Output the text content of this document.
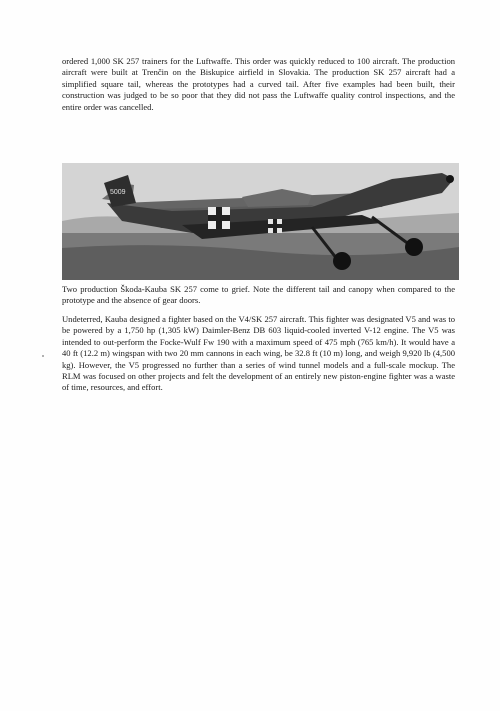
ordered 1,000 SK 257 trainers for the Luftwaffe. This order was quickly reduced to 100 aircraft. The production aircraft were built at Trenčin on the Biskupice airfield in Slovakia. The production SK 257 aircraft had a simplified square tail, whereas the prototypes had a curved tail. After five examples had been built, their construction was judged to be so poor that they did not pass the Luftwaffe quality control inspections, and the entire order was cancelled.

5009

Two production Škoda-Kauba SK 257 come to grief. Note the different tail and canopy when compared to the prototype and the absence of gear doors.

Undeterred, Kauba designed a fighter based on the V4/SK 257 aircraft. This fighter was designated V5 and was to be powered by a 1,750 hp (1,305 kW) Daimler-Benz DB 603 liquid-cooled inverted V-12 engine. The V5 was intended to out-perform the Focke-Wulf Fw 190 with a maximum speed of 475 mph (765 km/h). It would have a 40 ft (12.2 m) wingspan with two 20 mm cannons in each wing, be 32.8 ft (10 m) long, and weigh 9,920 lb (4,500 kg). However, the V5 progressed no further than a series of wind tunnel models and a full-scale mockup. The RLM was focused on other projects and felt the development of an entirely new piston-engine fighter was a waste of time, resources, and effort.
